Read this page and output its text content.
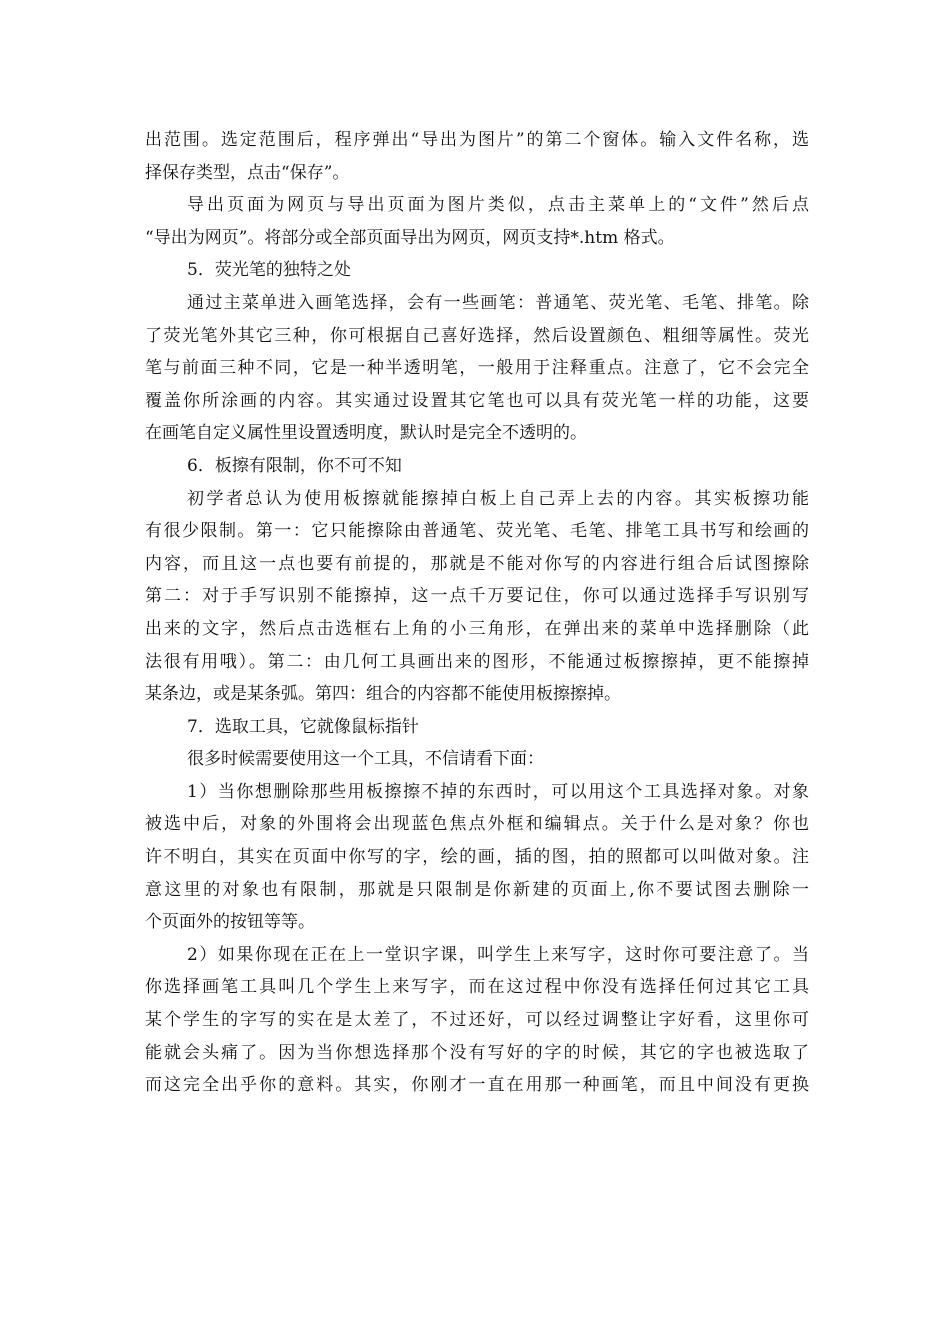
出范围。选定范围后，程序弹出“导出为图片”的第二个窗体。输入文件名称，选
择保存类型，点击“保存”。
导出页面为网页与导出页面为图片类似，点击主菜单上的“文件”然后点
“导出为网页”。将部分或全部页面导出为网页，网页支持*.htm 格式。
5．荧光笔的独特之处
通过主菜单进入画笔选择，会有一些画笔：普通笔、荧光笔、毛笔、排笔。除
了荧光笔外其它三种，你可根据自己喜好选择，然后设置颜色、粗细等属性。荧光
笔与前面三种不同，它是一种半透明笔，一般用于注释重点。注意了，它不会完全
覆盖你所涂画的内容。其实通过设置其它笔也可以具有荧光笔一样的功能，这要
在画笔自定义属性里设置透明度，默认时是完全不透明的。
6．板擦有限制，你不可不知
初学者总认为使用板擦就能擦掉白板上自己弄上去的内容。其实板擦功能
有很少限制。第一：它只能擦除由普通笔、荧光笔、毛笔、排笔工具书写和绘画的
内容，而且这一点也要有前提的，那就是不能对你写的内容进行组合后试图擦除
第二：对于手写识别不能擦掉，这一点千万要记住，你可以通过选择手写识别写
出来的文字，然后点击选框右上角的小三角形，在弹出来的菜单中选择删除（此
法很有用哦）。第二：由几何工具画出来的图形，不能通过板擦擦掉，更不能擦掉
某条边，或是某条弧。第四：组合的内容都不能使用板擦擦掉。
7．选取工具，它就像鼠标指针
很多时候需要使用这一个工具，不信请看下面：
1）当你想删除那些用板擦擦不掉的东西时，可以用这个工具选择对象。对象
被选中后，对象的外围将会出现蓝色焦点外框和编辑点。关于什么是对象？你也
许不明白，其实在页面中你写的字，绘的画，插的图，拍的照都可以叫做对象。注
意这里的对象也有限制，那就是只限制是你新建的页面上,你不要试图去删除一
个页面外的按钮等等。
2）如果你现在正在上一堂识字课，叫学生上来写字，这时你可要注意了。当
你选择画笔工具叫几个学生上来写字，而在这过程中你没有选择任何过其它工具
某个学生的字写的实在是太差了，不过还好，可以经过调整让字好看，这里你可
能就会头痛了。因为当你想选择那个没有写好的字的时候，其它的字也被选取了
而这完全出乎你的意料。其实，你刚才一直在用那一种画笔，而且中间没有更换
